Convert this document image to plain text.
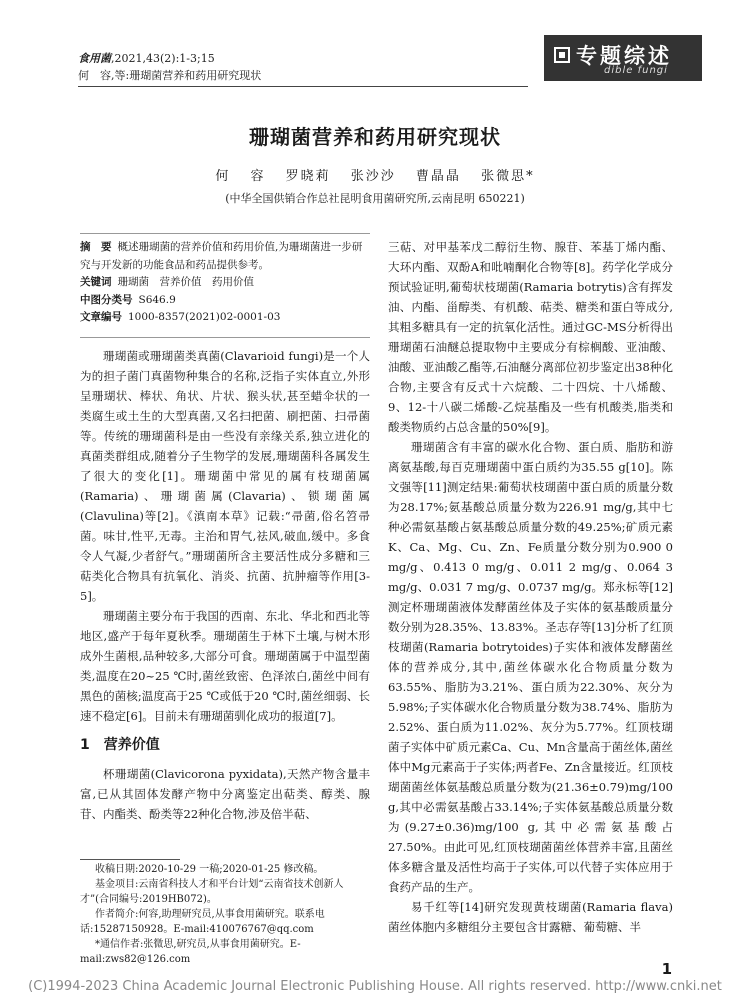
食用菌,2021,43(2):1-3;15
何　容,等:珊瑚菌营养和药用研究现状
专题综述
dible fungi
珊瑚菌营养和药用研究现状
何 容 罗晓莉 张沙沙 曹晶晶 张微思*
(中华全国供销合作总社昆明食用菌研究所,云南昆明 650221)
摘　要 概述珊瑚菌的营养价值和药用价值,为珊瑚菌进一步研究与开发新的功能食品和药品提供参考。
关键词 珊瑚菌　营养价值　药用价值
中图分类号 S646.9
文章编号 1000-8357(2021)02-0001-03

珊瑚菌或珊瑚菌类真菌(Clavarioid fungi)是一个人为的担子菌门真菌物种集合的名称,泛指子实体直立,外形呈珊瑚状、棒状、角状、片状、猴头状,甚至蜡伞状的一类腐生或土生的大型真菌,又名扫把菌、刷把菌、扫帚菌等。传统的珊瑚菌科是由一些没有亲缘关系,独立进化的真菌类群组成,随着分子生物学的发展,珊瑚菌科各属发生了很大的变化[1]。珊瑚菌中常见的属有枝瑚菌属(Ramaria)、珊瑚菌属(Clavaria)、锁瑚菌属(Clavulina)等[2]。《滇南本草》记载:“帚菌,俗名笤帚菌。味甘,性平,无毒。主治和胃气,祛风,破血,缓中。多食令人气凝,少者舒气。”珊瑚菌所含主要活性成分多糖和三萜类化合物具有抗氧化、消炎、抗菌、抗肿瘤等作用[3-5]。

珊瑚菌主要分布于我国的西南、东北、华北和西北等地区,盛产于每年夏秋季。珊瑚菌生于林下土壤,与树木形成外生菌根,品种较多,大部分可食。珊瑚菌属于中温型菌类,温度在20~25 ℃时,菌丝致密、色泽浓白,菌丝中间有黑色的菌核;温度高于25 ℃或低于20 ℃时,菌丝细弱、长速不稳定[6]。目前未有珊瑚菌驯化成功的报道[7]。

1　营养价值

杯珊瑚菌(Clavicorona pyxidata),天然产物含量丰富,已从其固体发酵产物中分离鉴定出萜类、醇类、腺苷、内酯类、酚类等22种化合物,涉及倍半萜、

收稿日期:2020-10-29 一稿;2020-01-25 修改稿。
基金项目:云南省科技人才和平台计划“云南省技术创新人才”(合同编号:2019HB072)。
作者简介:何容,助理研究员,从事食用菌研究。联系电话:15287150928。E-mail:410076767@qq.com
*通信作者:张微思,研究员,从事食用菌研究。E-mail:zws82@126.com

三萜、对甲基苯戊二醇衍生物、腺苷、苯基丁烯内酯、大环内酯、双酚A和吡喃酮化合物等[8]。药学化学成分预试验证明,葡萄状枝瑚菌(Ramaria botrytis)含有挥发油、内酯、甾醇类、有机酸、萜类、糖类和蛋白等成分,其粗多糖具有一定的抗氧化活性。通过GC-MS分析得出珊瑚菌石油醚总提取物中主要成分有棕榈酸、亚油酸、油酸、亚油酸乙酯等,石油醚分离部位初步鉴定出38种化合物,主要含有反式十六烷酸、二十四烷、十八烯酸、9、12-十八碳二烯酸-乙烷基酯及一些有机酸类,脂类和酸类物质约占总含量的50%[9]。

珊瑚菌含有丰富的碳水化合物、蛋白质、脂肪和游离氨基酸,每百克珊瑚菌中蛋白质约为35.55 g[10]。陈文强等[11]测定结果:葡萄状枝瑚菌中蛋白质的质量分数为28.17%;氨基酸总质量分数为226.91 mg/g,其中七种必需氨基酸占氨基酸总质量分数的49.25%;矿质元素K、Ca、Mg、Cu、Zn、Fe质量分数分别为0.900 0 mg/g、0.413 0 mg/g、0.011 2 mg/g、0.064 3 mg/g、0.031 7 mg/g、0.0737 mg/g。郑永标等[12]测定杯珊瑚菌液体发酵菌丝体及子实体的氨基酸质量分数分别为28.35%、13.83%。圣志存等[13]分析了红顶枝瑚菌(Ramaria botrytoides)子实体和液体发酵菌丝体的营养成分,其中,菌丝体碳水化合物质量分数为63.55%、脂肪为3.21%、蛋白质为22.30%、灰分为5.98%;子实体碳水化合物质量分数为38.74%、脂肪为2.52%、蛋白质为11.02%、灰分为5.77%。红顶枝瑚菌子实体中矿质元素Ca、Cu、Mn含量高于菌丝体,菌丝体中Mg元素高于子实体;两者Fe、Zn含量接近。红顶枝瑚菌菌丝体氨基酸总质量分数为(21.36±0.79)mg/100 g,其中必需氨基酸占33.14%;子实体氨基酸总质量分数为(9.27±0.36)mg/100 g,其中必需氨基酸占27.50%。由此可见,红顶枝瑚菌菌丝体营养丰富,且菌丝体多糖含量及活性均高于子实体,可以代替子实体应用于食药产品的生产。

易千红等[14]研究发现黄枝瑚菌(Ramaria flava)菌丝体胞内多糖组分主要包含甘露糖、葡萄糖、半

1
(C)1994-2023 China Academic Journal Electronic Publishing House. All rights reserved. http://www.cnki.net
